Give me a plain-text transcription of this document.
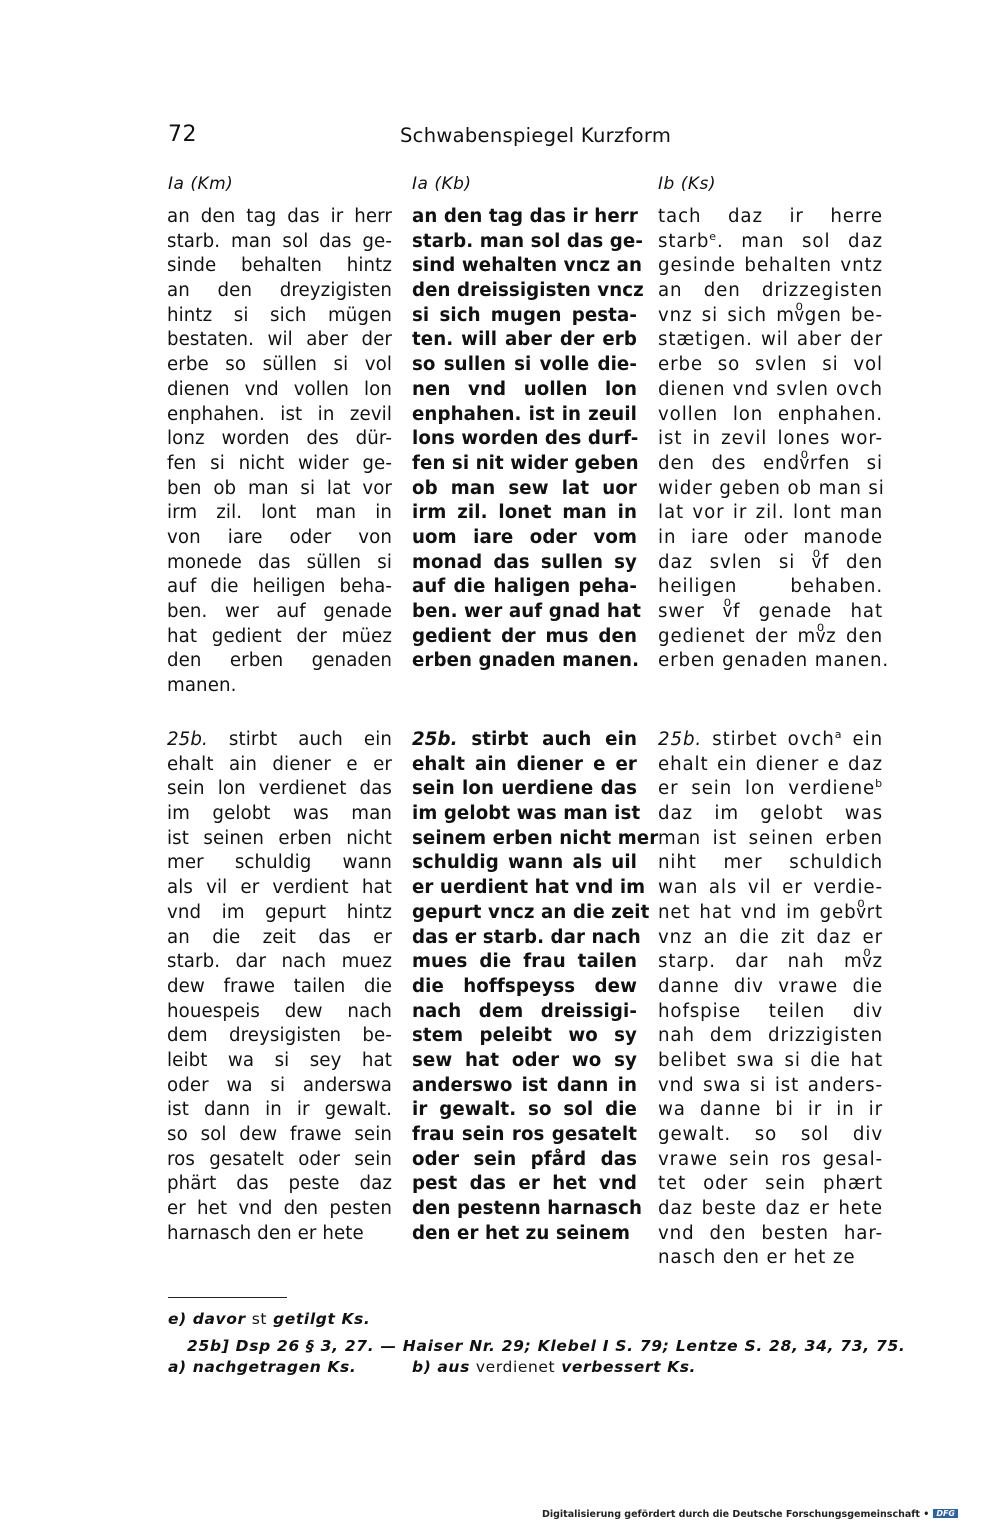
72	Schwabenspiegel Kurzform
Ia (Km)	Ia (Kb)	Ib (Ks)
an den tag das ir herr
starb. man sol das ge-
sinde behalten hintz
an den dreyzigisten
hintz si sich mügen
bestaten. wil aber der
erbe so süllen si vol
dienen vnd vollen lon
enphahen. ist in zevil
lonz worden des dür-
fen si nicht wider ge-
ben ob man si lat vor
irm zil. lont man in
von iare oder von
monede das süllen si
auf die heiligen beha-
ben. wer auf genade
hat gedient der müez
den erben genaden
manen.
an den tag das ir herr
starb. man sol das ge-
sind wehalten vncz an
den dreissigisten vncz
si sich mugen pesta-
ten. will aber der erb
so sullen si volle die-
nen vnd uollen lon
enphahen. ist in zeuil
lons worden des durf-
fen si nit wider geben
ob man sew lat uor
irm zil. lonet man in
uom iare oder vom
monad das sullen sy
auf die haligen peha-
ben. wer auf gnad hat
gedient der mus den
erben gnaden manen.
tach daz ir herre
starb$^e$. man sol daz
gesinde behalten vntz
an den drizzegisten
vnz si sich mvͦgen be-
stætigen. wil aber der
erbe so svlen si vol
dienen vnd svlen ovch
vollen lon enphahen.
ist in zevil lones wor-
den des endvͦrfen si
wider geben ob man si
lat vor ir zil. lont man
in iare oder manode
daz svlen si vͦf den
heiligen behaben.
swer vͦf genade hat
gedienet der mvͦz den
erben genaden manen.
25b. stirbt auch ein
ehalt ain diener e er
sein lon verdienet das
im gelobt was man
ist seinen erben nicht
mer schuldig wann
als vil er verdient hat
vnd im gepurt hintz
an die zeit das er
starb. dar nach muez
dew frawe tailen die
houespeis dew nach
dem dreysigisten be-
leibt wa si sey hat
oder wa si anderswa
ist dann in ir gewalt.
so sol dew frawe sein
ros gesatelt oder sein
phärt das peste daz
er het vnd den pesten
harnasch den er hete
25b. stirbt auch ein
ehalt ain diener e er
sein lon uerdiene das
im gelobt was man ist
seinem erben nicht mer
schuldig wann als uil
er uerdient hat vnd im
gepurt vncz an die zeit
das er starb. dar nach
mues die frau tailen
die hoffspeyss dew
nach dem dreissigi-
stem peleibt wo sy
sew hat oder wo sy
anderswo ist dann in
ir gewalt. so sol die
frau sein ros gesatelt
oder sein pfård das
pest das er het vnd
den pestenn harnasch
den er het zu seinem
25b. stirbet ovch$^a$ ein
ehalt ein diener e daz
er sein lon verdiene$^b$
daz im gelobt was
man ist seinen erben
niht mer schuldich
wan als vil er verdie-
net hat vnd im gebvͦrt
vnz an die zit daz er
starp. dar nah mvͦz
danne div vrawe die
hofspise teilen div
nah dem drizzigisten
belibet swa si die hat
vnd swa si ist anders-
wa danne bi ir in ir
gewalt. so sol div
vrawe sein ros gesal-
tet oder sein phært
daz beste daz er hete
vnd den besten har-
nasch den er het ze
e) davor st getilgt Ks.
25b] Dsp 26 § 3, 27. — Haiser Nr. 29; Klebel I S. 79; Lentze S. 28, 34, 73, 75.
a) nachgetragen Ks.	b) aus verdienet verbessert Ks.
Digitalisierung gefördert durch die Deutsche Forschungsgemeinschaft • DFG
